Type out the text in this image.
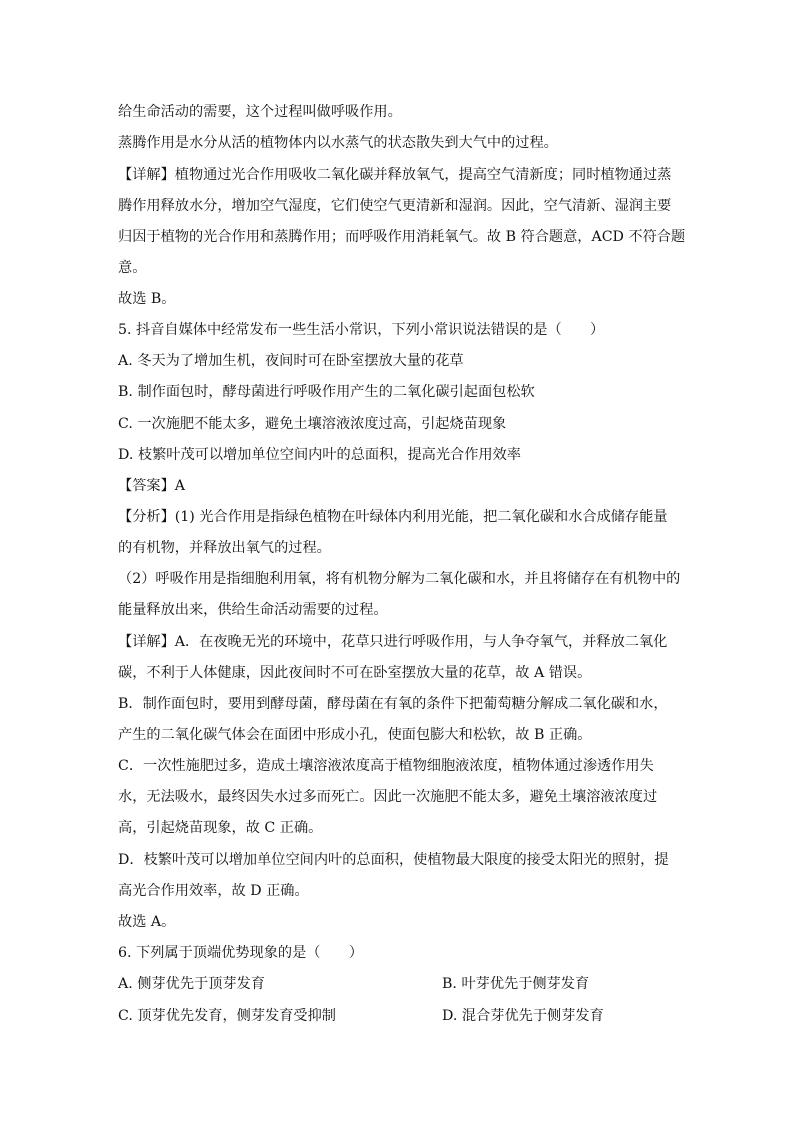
给生命活动的需要，这个过程叫做呼吸作用。
蒸腾作用是水分从活的植物体内以水蒸气的状态散失到大气中的过程。
【详解】植物通过光合作用吸收二氧化碳并释放氧气，提高空气清新度；同时植物通过蒸
腾作用释放水分，增加空气湿度，它们使空气更清新和湿润。因此，空气清新、湿润主要
归因于植物的光合作用和蒸腾作用；而呼吸作用消耗氧气。故 B 符合题意，ACD 不符合题
意。
故选 B。
5. 抖音自媒体中经常发布一些生活小常识，下列小常识说法错误的是（　　）
A. 冬天为了增加生机，夜间时可在卧室摆放大量的花草
B. 制作面包时，酵母菌进行呼吸作用产生的二氧化碳引起面包松软
C. 一次施肥不能太多，避免土壤溶液浓度过高，引起烧苗现象
D. 枝繁叶茂可以增加单位空间内叶的总面积，提高光合作用效率
【答案】A
【分析】(1) 光合作用是指绿色植物在叶绿体内利用光能，把二氧化碳和水合成储存能量
的有机物，并释放出氧气的过程。
（2）呼吸作用是指细胞利用氧，将有机物分解为二氧化碳和水，并且将储存在有机物中的
能量释放出来，供给生命活动需要的过程。
【详解】A．在夜晚无光的环境中，花草只进行呼吸作用，与人争夺氧气，并释放二氧化
碳，不利于人体健康，因此夜间时不可在卧室摆放大量的花草，故 A 错误。
B．制作面包时，要用到酵母菌，酵母菌在有氧的条件下把葡萄糖分解成二氧化碳和水，
产生的二氧化碳气体会在面团中形成小孔，使面包膨大和松软，故 B 正确。
C．一次性施肥过多，造成土壤溶液浓度高于植物细胞液浓度，植物体通过渗透作用失
水，无法吸水，最终因失水过多而死亡。因此一次施肥不能太多，避免土壤溶液浓度过
高，引起烧苗现象，故 C 正确。
D．枝繁叶茂可以增加单位空间内叶的总面积，使植物最大限度的接受太阳光的照射，提
高光合作用效率，故 D 正确。
故选 A。
6. 下列属于顶端优势现象的是（　　）
A. 侧芽优先于顶芽发育	B. 叶芽优先于侧芽发育
C. 顶芽优先发育，侧芽发育受抑制	D. 混合芽优先于侧芽发育
